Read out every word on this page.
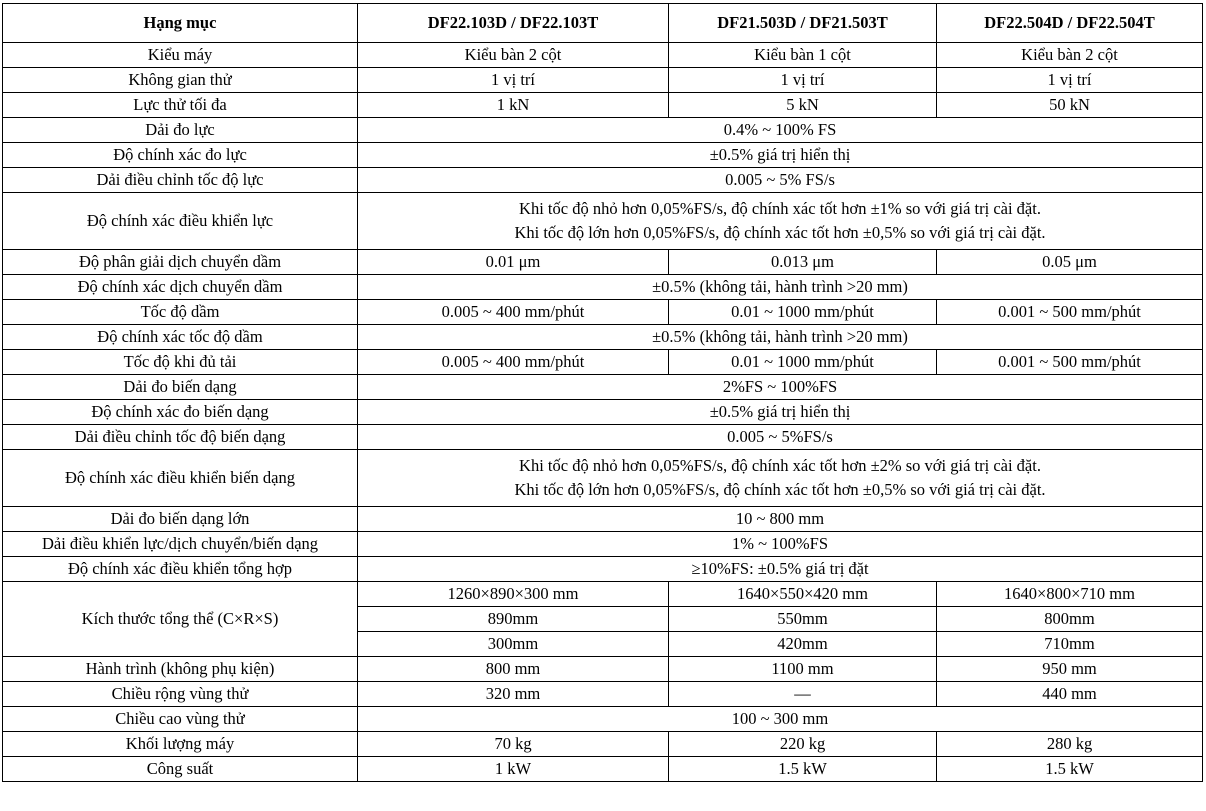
Hạng mục	DF22.103D / DF22.103T	DF21.503D / DF21.503T	DF22.504D / DF22.504T
Kiểu máy	Kiểu bàn 2 cột	Kiểu bàn 1 cột	Kiểu bàn 2 cột
Không gian thử	1 vị trí	1 vị trí	1 vị trí
Lực thử tối đa	1 kN	5 kN	50 kN
Dải đo lực	0.4% ~ 100% FS		
Độ chính xác đo lực	±0.5% giá trị hiển thị		
Dải điều chỉnh tốc độ lực	0.005 ~ 5% FS/s		
Độ chính xác điều khiển lực	Khi tốc độ nhỏ hơn 0,05%FS/s, độ chính xác tốt hơn ±1% so với giá trị cài đặt.
Khi tốc độ lớn hơn 0,05%FS/s, độ chính xác tốt hơn ±0,5% so với giá trị cài đặt.		

Độ phân giải dịch chuyển dầm	0.01 μm	0.013 μm	0.05 μm
Độ chính xác dịch chuyển dầm	±0.5% (không tải, hành trình >20 mm)		
Tốc độ dầm	0.005 ~ 400 mm/phút	0.01 ~ 1000 mm/phút	0.001 ~ 500 mm/phút
Độ chính xác tốc độ dầm	±0.5% (không tải, hành trình >20 mm)		
Tốc độ khi đủ tải	0.005 ~ 400 mm/phút	0.01 ~ 1000 mm/phút	0.001 ~ 500 mm/phút
Dải đo biến dạng	2%FS ~ 100%FS		
Độ chính xác đo biến dạng	±0.5% giá trị hiển thị		
Dải điều chỉnh tốc độ biến dạng	0.005 ~ 5%FS/s		
Độ chính xác điều khiển biến dạng	Khi tốc độ nhỏ hơn 0,05%FS/s, độ chính xác tốt hơn ±2% so với giá trị cài đặt.
Khi tốc độ lớn hơn 0,05%FS/s, độ chính xác tốt hơn ±0,5% so với giá trị cài đặt.		

Dải đo biến dạng lớn	10 ~ 800 mm		
Dải điều khiển lực/dịch chuyển/biến dạng	1% ~ 100%FS		
Độ chính xác điều khiển tổng hợp	≥10%FS: ±0.5% giá trị đặt		
Kích thước tổng thể (C×R×S)	1260×890×300 mm	1640×550×420 mm	1640×800×710 mm
	890mm	550mm	800mm
	300mm	420mm	710mm
Hành trình (không phụ kiện)	800 mm	1100 mm	950 mm
Chiều rộng vùng thử	320 mm	—	440 mm
Chiều cao vùng thử	100 ~ 300 mm		
Khối lượng máy	70 kg	220 kg	280 kg
Công suất	1 kW	1.5 kW	1.5 kW
